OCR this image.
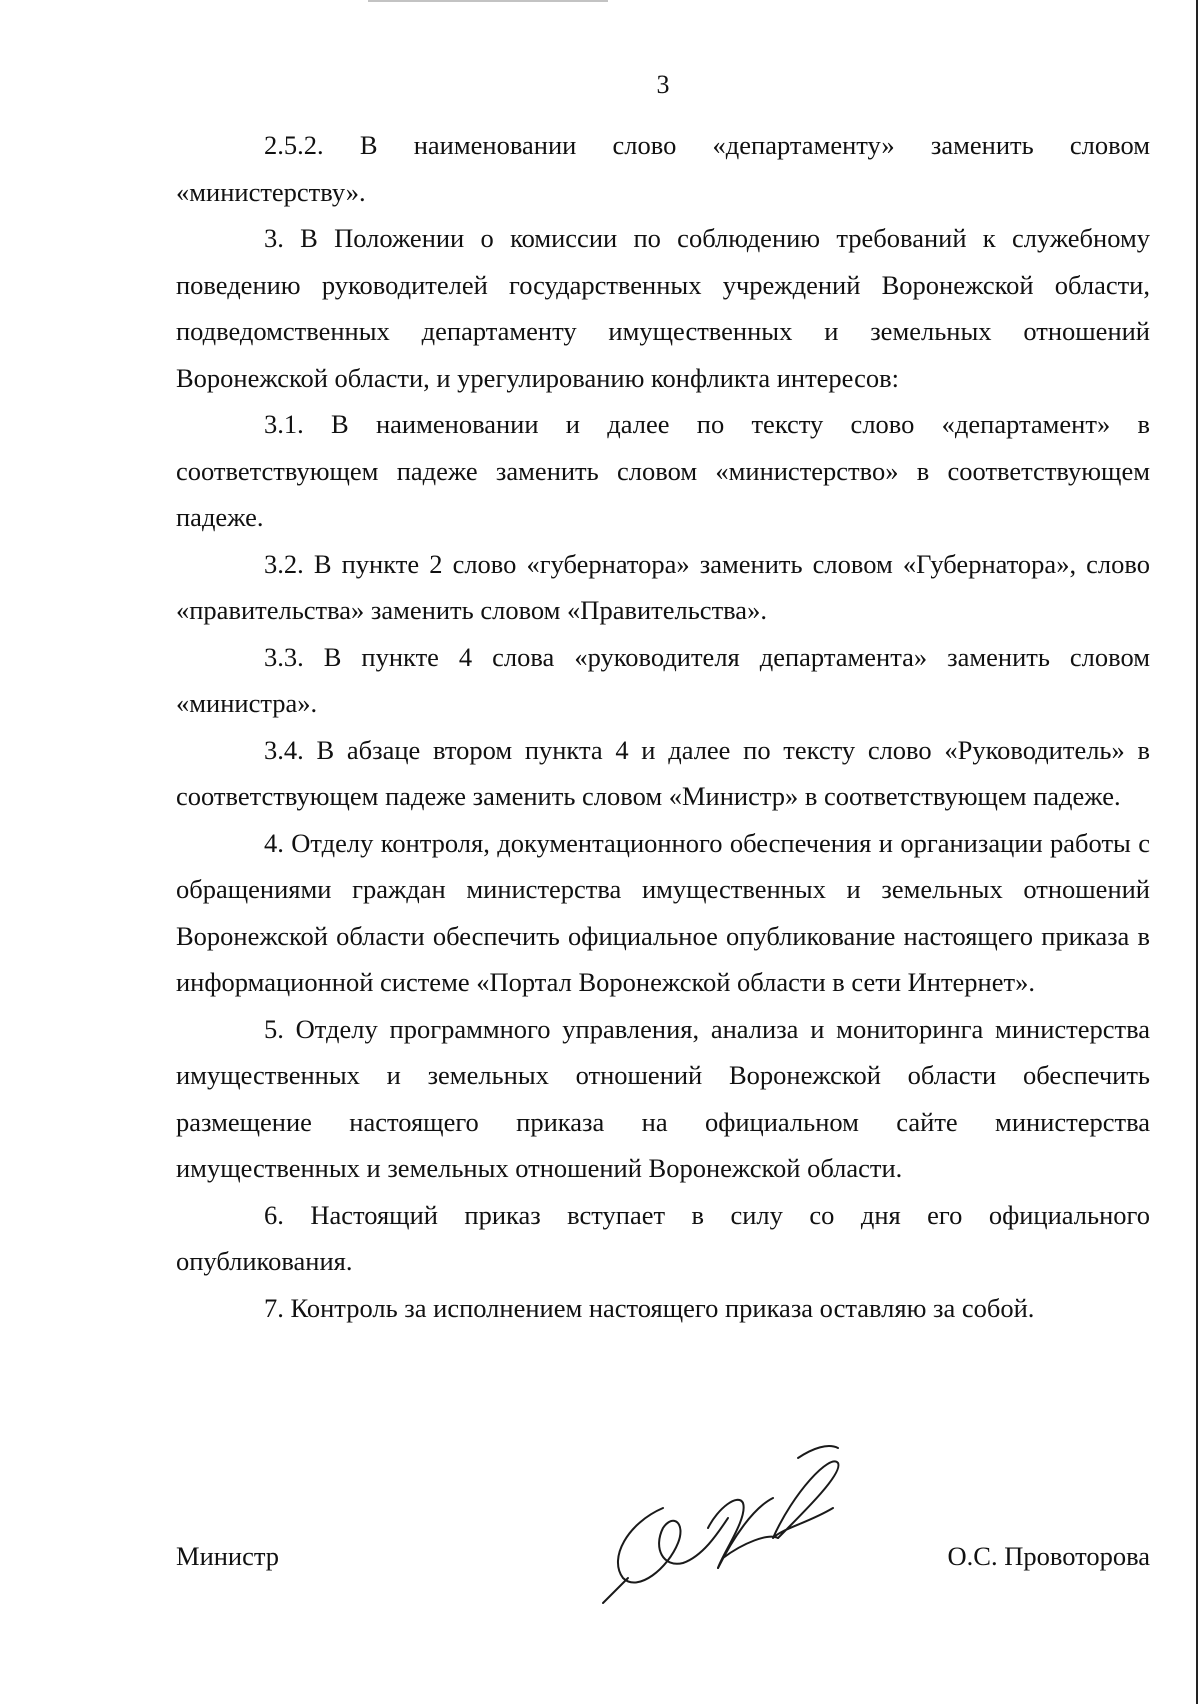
3

2.5.2. В наименовании слово «департаменту» заменить словом «министерству».

3. В Положении о комиссии по соблюдению требований к служебному поведению руководителей государственных учреждений Воронежской области, подведомственных департаменту имущественных и земельных отношений Воронежской области, и урегулированию конфликта интересов:

3.1. В наименовании и далее по тексту слово «департамент» в соответствующем падеже заменить словом «министерство» в соответствующем падеже.

3.2. В пункте 2 слово «губернатора» заменить словом «Губернатора», слово «правительства» заменить словом «Правительства».

3.3. В пункте 4 слова «руководителя департамента» заменить словом «министра».

3.4. В абзаце втором пункта 4 и далее по тексту слово «Руководитель» в соответствующем падеже заменить словом «Министр» в соответствующем падеже.

4. Отделу контроля, документационного обеспечения и организации работы с обращениями граждан министерства имущественных и земельных отношений Воронежской области обеспечить официальное опубликование настоящего приказа в информационной системе «Портал Воронежской области в сети Интернет».

5. Отделу программного управления, анализа и мониторинга министерства имущественных и земельных отношений Воронежской области обеспечить размещение настоящего приказа на официальном сайте министерства имущественных и земельных отношений Воронежской области.

6. Настоящий приказ вступает в силу со дня его официального опубликования.

7. Контроль за исполнением настоящего приказа оставляю за собой.

Министр	О.С. Провоторова
